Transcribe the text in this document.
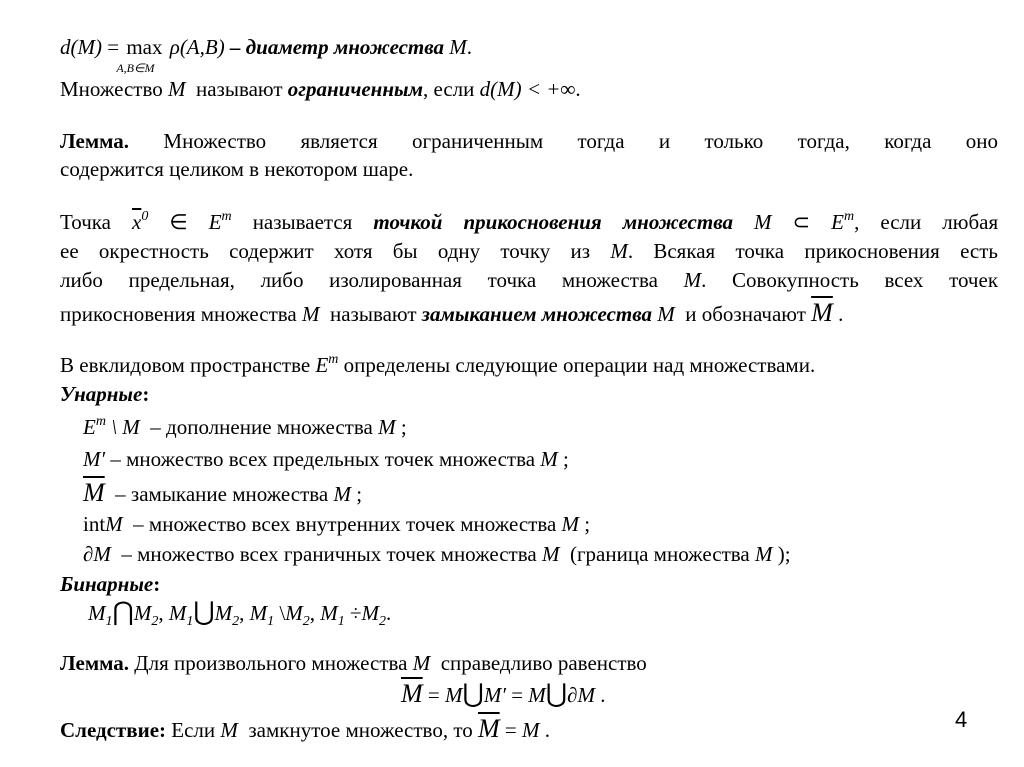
d(M) = max
A,B∈M
ρ(A,B) – диаметр множества M.
Множество M называют ограниченным, если d(M) < +∞.
Лемма. Множество является ограниченным тогда и только тогда, когда оно
содержится целиком в некотором шаре.
Точка $\overline{x}^0$ ∈ $E^m$ называется точкой прикосновения множества M ⊂ $E^m$, если любая
ее окрестность содержит хотя бы одну точку из M. Всякая точка прикосновения есть
либо предельная, либо изолированная точка множества M. Совокупность всех точек
прикосновения множества M называют замыканием множества M и обозначают $\overline{M}$ .
В евклидовом пространстве $E^m$ определены следующие операции над множествами.
Унарные:
$E^m$ \ M – дополнение множества M ;
M′ – множество всех предельных точек множества M ;
$\overline{M}$ – замыкание множества M ;
intM – множество всех внутренних точек множества M ;
∂M – множество всех граничных точек множества M (граница множества M );
Бинарные:
$M_1⋂M_2$, $M_1⋃M_2$, $M_1$ $\backslash M_2$, $M_1 \div M_2$.
Лемма. Для произвольного множества M справедливо равенство
$\overline{M}$ = M⋃M′ = M⋃∂M .
Следствие: Если M замкнутое множество, то $\overline{M} = M$ .	4
